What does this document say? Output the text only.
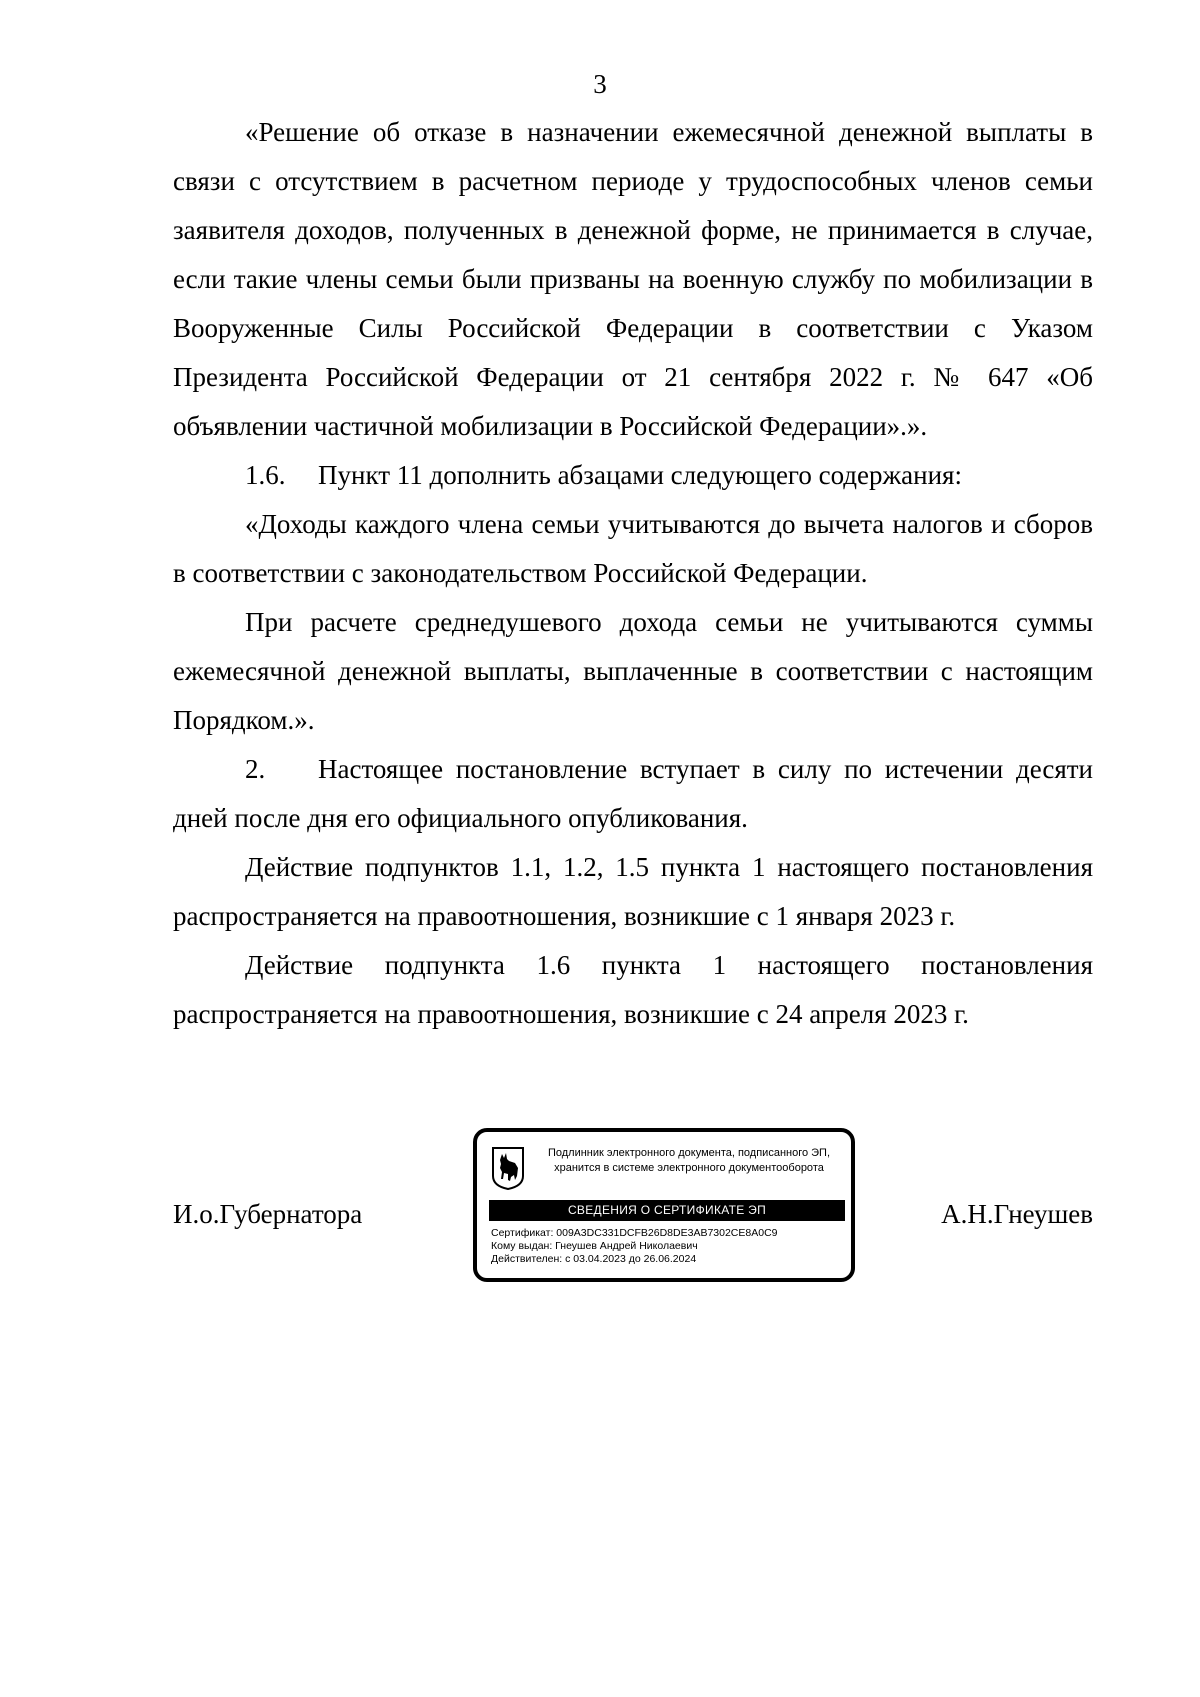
3

«Решение об отказе в назначении ежемесячной денежной выплаты в связи с отсутствием в расчетном периоде у трудоспособных членов семьи заявителя доходов, полученных в денежной форме, не принимается в случае, если такие члены семьи были призваны на военную службу по мобилизации в Вооруженные Силы Российской Федерации в соответствии с Указом Президента Российской Федерации от 21 сентября 2022 г. № 647 «Об объявлении частичной мобилизации в Российской Федерации».».

1.6. Пункт 11 дополнить абзацами следующего содержания:

«Доходы каждого члена семьи учитываются до вычета налогов и сборов в соответствии с законодательством Российской Федерации.

При расчете среднедушевого дохода семьи не учитываются суммы ежемесячной денежной выплаты, выплаченные в соответствии с настоящим Порядком.».

2. Настоящее постановление вступает в силу по истечении десяти дней после дня его официального опубликования.

Действие подпунктов 1.1, 1.2, 1.5 пункта 1 настоящего постановления распространяется на правоотношения, возникшие с 1 января 2023 г.

Действие подпункта 1.6 пункта 1 настоящего постановления распространяется на правоотношения, возникшие с 24 апреля 2023 г.

И.о.Губернатора
Подлинник электронного документа, подписанного ЭП,
хранится в системе электронного документооборота
СВЕДЕНИЯ О СЕРТИФИКАТЕ ЭП
Сертификат: 009A3DC331DCFB26D8DE3AB7302CE8A0C9
Кому выдан: Гнеушев Андрей Николаевич
Действителен: с 03.04.2023 до 26.06.2024
А.Н.Гнеушев
